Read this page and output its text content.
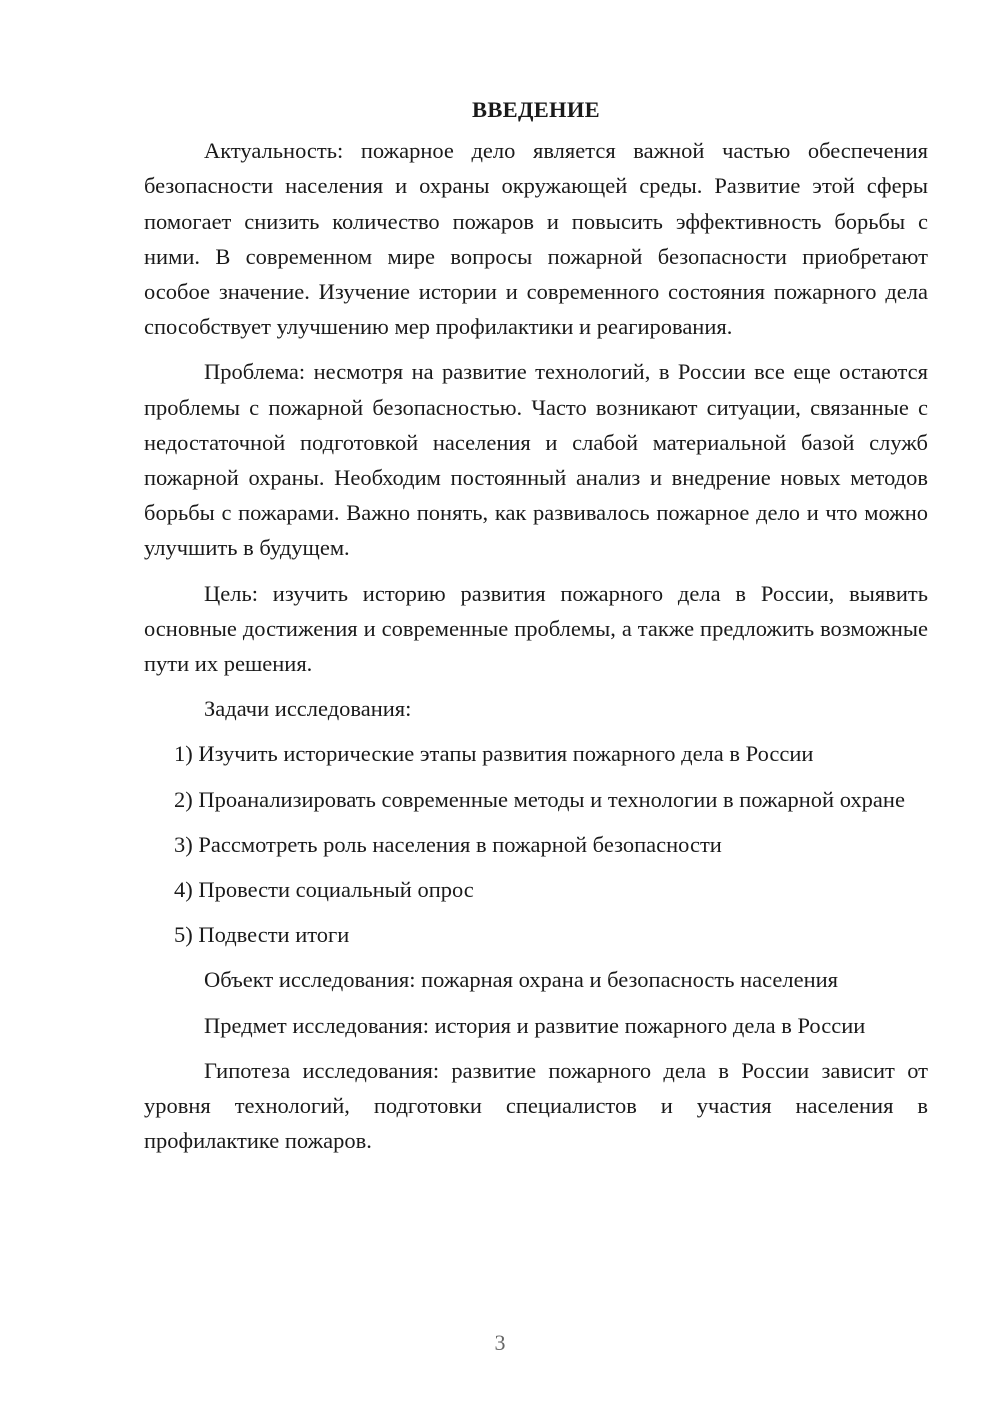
ВВЕДЕНИЕ

Актуальность: пожарное дело является важной частью обеспечения безопасности населения и охраны окружающей среды. Развитие этой сферы помогает снизить количество пожаров и повысить эффективность борьбы с ними. В современном мире вопросы пожарной безопасности приобретают особое значение. Изучение истории и современного состояния пожарного дела способствует улучшению мер профилактики и реагирования.

Проблема: несмотря на развитие технологий, в России все еще остаются проблемы с пожарной безопасностью. Часто возникают ситуации, связанные с недостаточной подготовкой населения и слабой материальной базой служб пожарной охраны. Необходим постоянный анализ и внедрение новых методов борьбы с пожарами. Важно понять, как развивалось пожарное дело и что можно улучшить в будущем.

Цель: изучить историю развития пожарного дела в России, выявить основные достижения и современные проблемы, а также предложить возможные пути их решения.

Задачи исследования:

1) Изучить исторические этапы развития пожарного дела в России

2) Проанализировать современные методы и технологии в пожарной охране

3) Рассмотреть роль населения в пожарной безопасности

4) Провести социальный опрос

5) Подвести итоги

Объект исследования: пожарная охрана и безопасность населения

Предмет исследования: история и развитие пожарного дела в России

Гипотеза исследования: развитие пожарного дела в России зависит от уровня технологий, подготовки специалистов и участия населения в профилактике пожаров.

3
